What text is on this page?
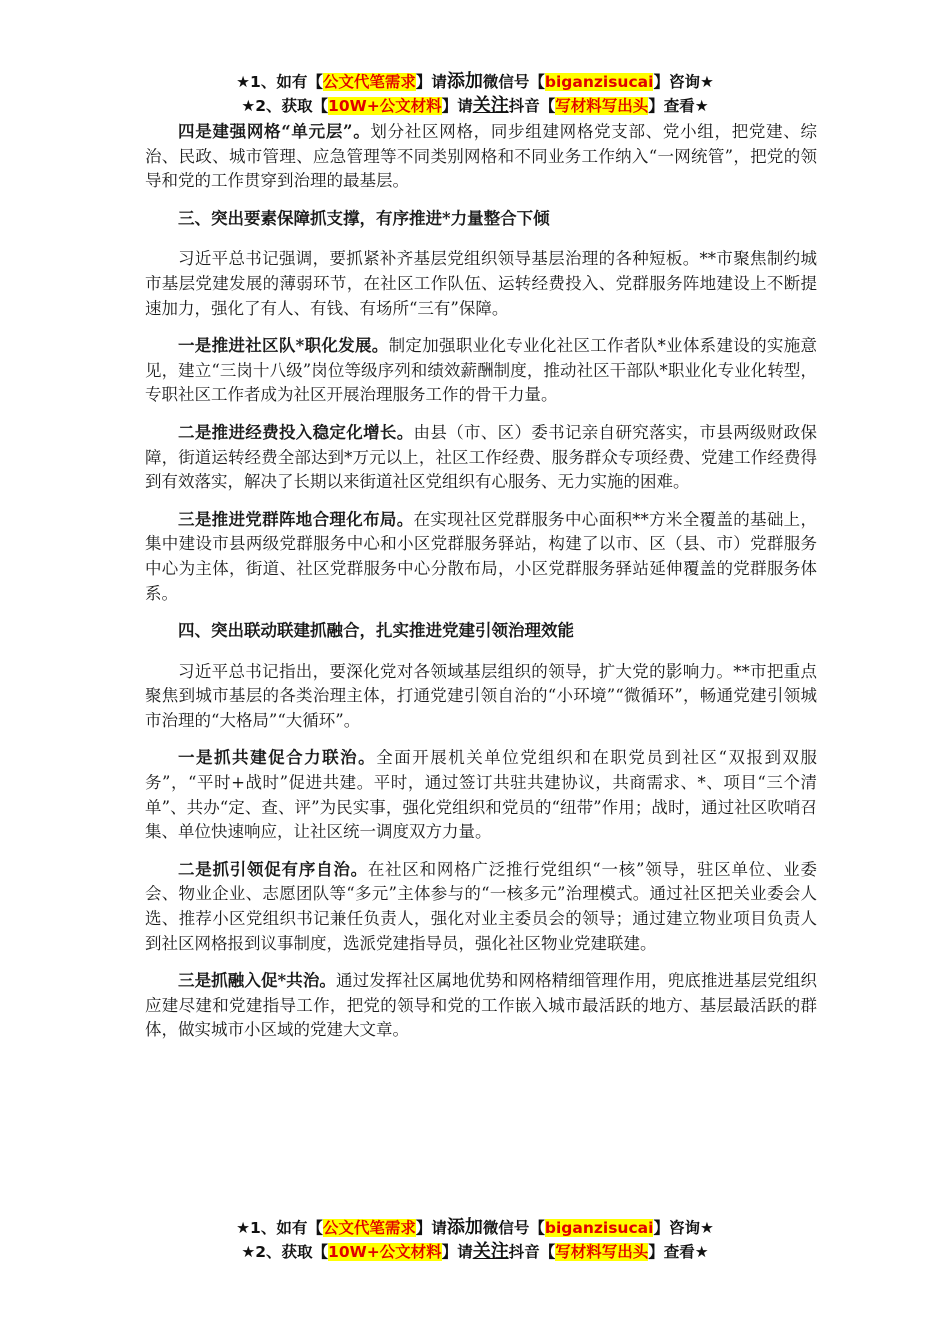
★1、如有【公文代笔需求】请添加微信号【biganzisucai】咨询★
★2、获取【10W+公文材料】请关注抖音【写材料写出头】查看★

四是建强网格“单元层”。划分社区网格，同步组建网格党支部、党小组，把党建、综治、民政、城市管理、应急管理等不同类别网格和不同业务工作纳入“一网统管”，把党的领导和党的工作贯穿到治理的最基层。

三、突出要素保障抓支撑，有序推进*力量整合下倾

习近平总书记强调，要抓紧补齐基层党组织领导基层治理的各种短板。**市聚焦制约城市基层党建发展的薄弱环节，在社区工作队伍、运转经费投入、党群服务阵地建设上不断提速加力，强化了有人、有钱、有场所“三有”保障。

一是推进社区队*职化发展。制定加强职业化专业化社区工作者队*业体系建设的实施意见，建立“三岗十八级”岗位等级序列和绩效薪酬制度，推动社区干部队*职业化专业化转型，专职社区工作者成为社区开展治理服务工作的骨干力量。

二是推进经费投入稳定化增长。由县（市、区）委书记亲自研究落实，市县两级财政保障，街道运转经费全部达到*万元以上，社区工作经费、服务群众专项经费、党建工作经费得到有效落实，解决了长期以来街道社区党组织有心服务、无力实施的困难。

三是推进党群阵地合理化布局。在实现社区党群服务中心面积**方米全覆盖的基础上，集中建设市县两级党群服务中心和小区党群服务驿站，构建了以市、区（县、市）党群服务中心为主体，街道、社区党群服务中心分散布局，小区党群服务驿站延伸覆盖的党群服务体系。

四、突出联动联建抓融合，扎实推进党建引领治理效能

习近平总书记指出，要深化党对各领域基层组织的领导，扩大党的影响力。**市把重点聚焦到城市基层的各类治理主体，打通党建引领自治的“小环境”“微循环”，畅通党建引领城市治理的“大格局”“大循环”。

一是抓共建促合力联治。全面开展机关单位党组织和在职党员到社区“双报到双服务”，“平时+战时”促进共建。平时，通过签订共驻共建协议，共商需求、*、项目“三个清单”、共办“定、查、评”为民实事，强化党组织和党员的“纽带”作用；战时，通过社区吹哨召集、单位快速响应，让社区统一调度双方力量。

二是抓引领促有序自治。在社区和网格广泛推行党组织“一核”领导，驻区单位、业委会、物业企业、志愿团队等“多元”主体参与的“一核多元”治理模式。通过社区把关业委会人选、推荐小区党组织书记兼任负责人，强化对业主委员会的领导；通过建立物业项目负责人到社区网格报到议事制度，选派党建指导员，强化社区物业党建联建。

三是抓融入促*共治。通过发挥社区属地优势和网格精细管理作用，兜底推进基层党组织应建尽建和党建指导工作，把党的领导和党的工作嵌入城市最活跃的地方、基层最活跃的群体，做实城市小区域的党建大文章。

★1、如有【公文代笔需求】请添加微信号【biganzisucai】咨询★
★2、获取【10W+公文材料】请关注抖音【写材料写出头】查看★
